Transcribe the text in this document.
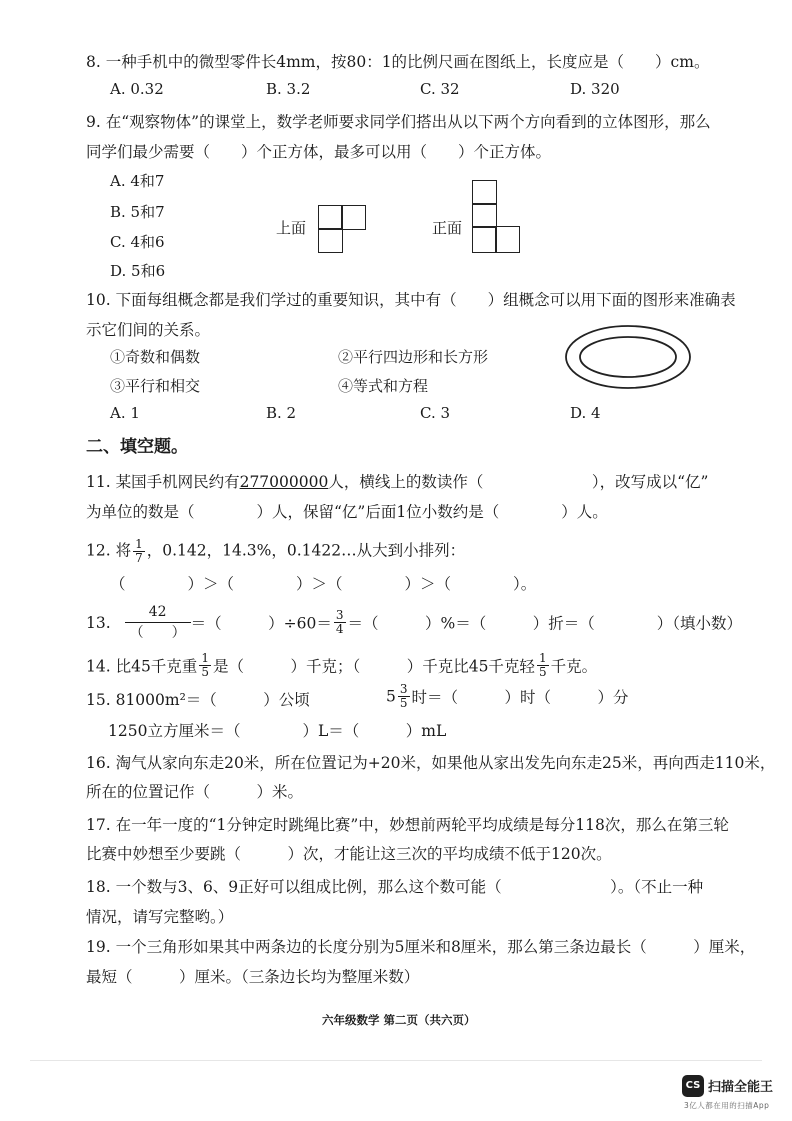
8. 一种手机中的微型零件长4mm，按80：1的比例尺画在图纸上，长度应是（　　）cm。
A. 0.32	B. 3.2	C. 32	D. 320
9. 在“观察物体”的课堂上，数学老师要求同学们搭出从以下两个方向看到的立体图形，那么
同学们最少需要（　　）个正方体，最多可以用（　　）个正方体。
A. 4和7
B. 5和7
C. 4和6
D. 5和6
上面	正面
10. 下面每组概念都是我们学过的重要知识，其中有（　　）组概念可以用下面的图形来准确表
示它们间的关系。
①奇数和偶数	②平行四边形和长方形
③平行和相交	④等式和方程
A. 1	B. 2	C. 3	D. 4
二、填空题。
11. 某国手机网民约有277000000人，横线上的数读作（　　　　　　　），改写成以“亿”
为单位的数是（　　　　）人，保留“亿”后面1位小数约是（　　　　）人。
12. 将 $\frac{1}{7}$ ，0.142，14.3%，0.1422…从大到小排列：
（　　　　）＞（　　　　）＞（　　　　）＞（　　　　）。
13. $\frac{42}{( )}$ ＝（　　　）$\div 60= \frac{3}{4}$ ＝（　　　）%＝（　　　）折＝（　　　　）（填小数）
14. 比45千克重 $\frac{1}{5}$ 是（　　　）千克；（　　　）千克比45千克轻 $\frac{1}{5}$ 千克。
15. 81000m²＝（　　　）公顷	$5 \frac{3}{5}$ 时＝（　　　）时（　　　）分
1250立方厘米＝（　　　　）L＝（　　　）mL
16. 淘气从家向东走20米，所在位置记为+20米，如果他从家出发先向东走25米，再向西走110米，
所在的位置记作（　　　）米。
17. 在一年一度的“1分钟定时跳绳比赛”中，妙想前两轮平均成绩是每分118次，那么在第三轮
比赛中妙想至少要跳（　　　）次，才能让这三次的平均成绩不低于120次。
18. 一个数与3、6、9正好可以组成比例，那么这个数可能（　　　　　　　）。（不止一种
情况，请写完整哟。）
19. 一个三角形如果其中两条边的长度分别为5厘米和8厘米，那么第三条边最长（　　　）厘米，
最短（　　　）厘米。（三条边长均为整厘米数）
六年级数学 第二页（共六页）
CS 扫描全能王
3亿人都在用的扫描App
